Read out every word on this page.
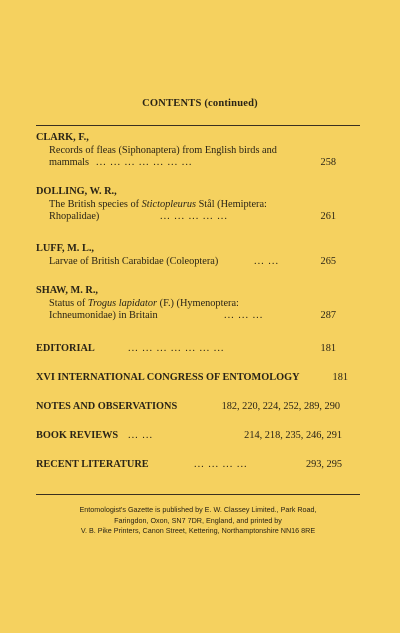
CONTENTS (continued)
CLARK, F.,
Records of fleas (Siphonaptera) from English birds and
mammals ... ... ... ... ... ... ...	258
DOLLING, W. R.,
The British species of Stictopleurus Stål (Hemiptera:
Rhopalidae)	... ... ... ... ...	261
LUFF, M. L.,
Larvae of British Carabidae (Coleoptera)	... ...	265
SHAW, M. R.,
Status of Trogus lapidator (F.) (Hymenoptera:
Ichneumonidae) in Britain	... ... ...	287
EDITORIAL	... ... ... ... ... ... ...	181
XVI INTERNATIONAL CONGRESS OF ENTOMOLOGY	181
NOTES AND OBSERVATIONS	182, 220, 224, 252, 289, 290
BOOK REVIEWS ... ...	214, 218, 235, 246, 291
RECENT LITERATURE	... ... ... ...	293, 295
Entomologist's Gazette is published by E. W. Classey Limited., Park Road,
Faringdon, Oxon, SN7 7DR, England, and printed by
V. B. Pike Printers, Canon Street, Kettering, Northamptonshire NN16 8RE
